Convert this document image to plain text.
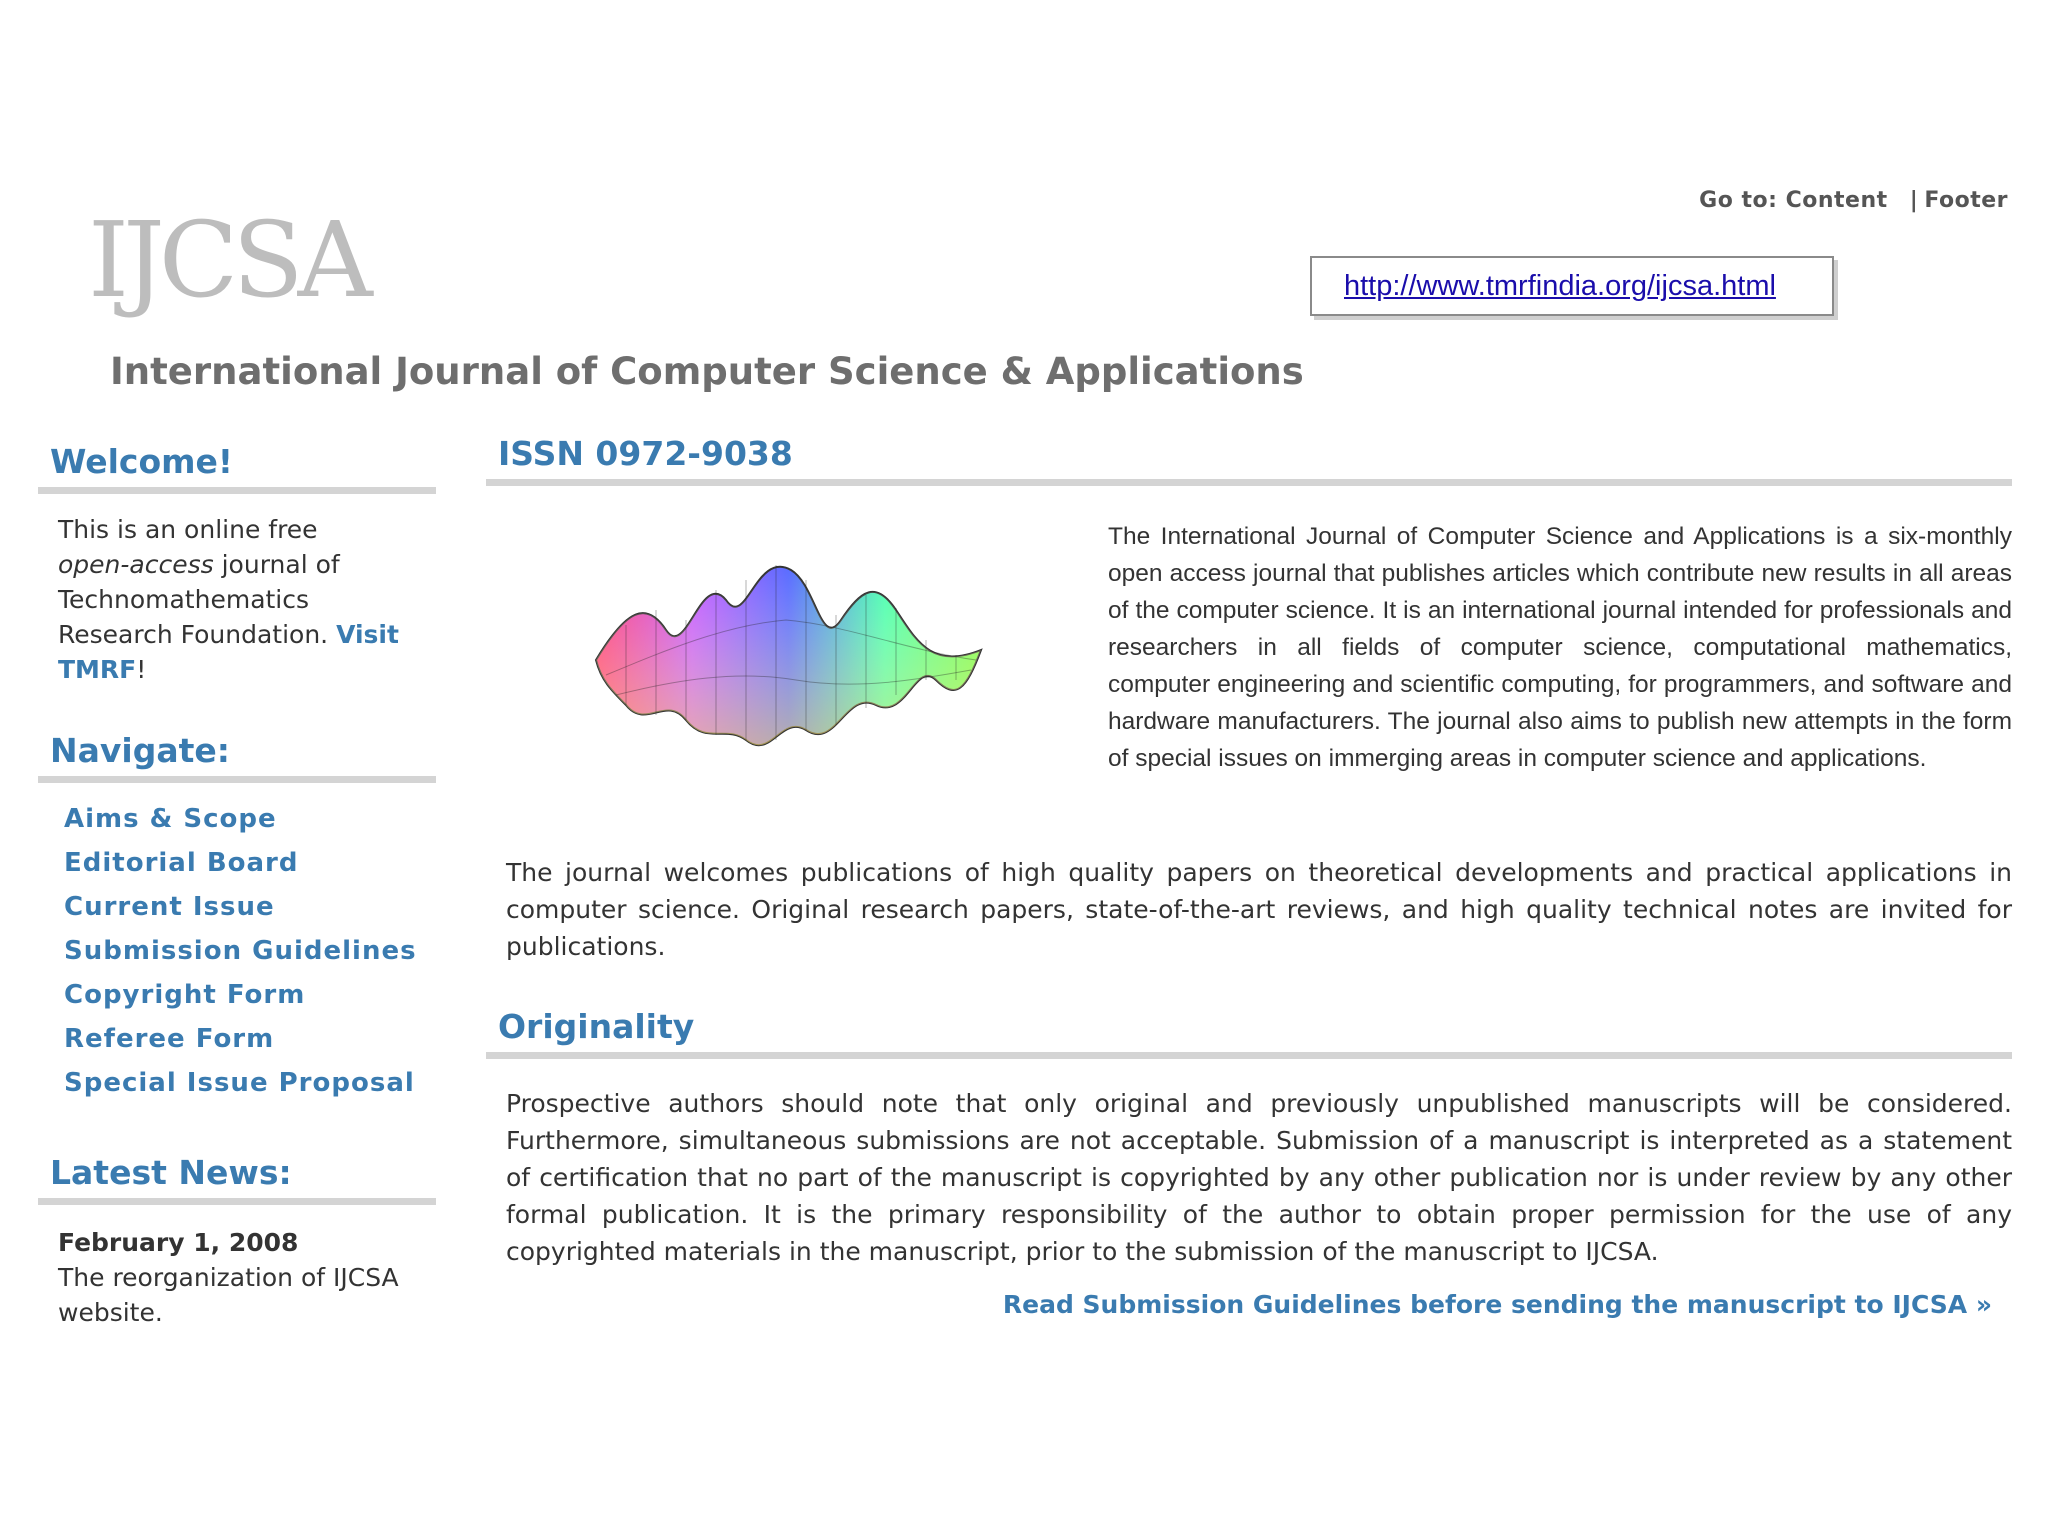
Go to: Content | Footer
IJCSA
International Journal of Computer Science & Applications
http://www.tmrfindia.org/ijcsa.html
Welcome!
This is an online free
open-access journal of
Technomathematics
Research Foundation. Visit TMRF!
Navigate:
Aims & Scope
Editorial Board
Current Issue
Submission Guidelines
Copyright Form
Referee Form
Special Issue Proposal
Latest News:
February 1, 2008
The reorganization of IJCSA website.
ISSN 0972-9038
The International Journal of Computer Science and Applications is a six-monthly open access journal that publishes articles which contribute new results in all areas of the computer science. It is an international journal intended for professionals and researchers in all fields of computer science, computational mathematics, computer engineering and scientific computing, for programmers, and software and hardware manufacturers. The journal also aims to publish new attempts in the form of special issues on immerging areas in computer science and applications.
The journal welcomes publications of high quality papers on theoretical developments and practical applications in computer science. Original research papers, state-of-the-art reviews, and high quality technical notes are invited for publications.
Originality
Prospective authors should note that only original and previously unpublished manuscripts will be considered. Furthermore, simultaneous submissions are not acceptable. Submission of a manuscript is interpreted as a statement of certification that no part of the manuscript is copyrighted by any other publication nor is under review by any other formal publication. It is the primary responsibility of the author to obtain proper permission for the use of any copyrighted materials in the manuscript, prior to the submission of the manuscript to IJCSA.
Read Submission Guidelines before sending the manuscript to IJCSA »
